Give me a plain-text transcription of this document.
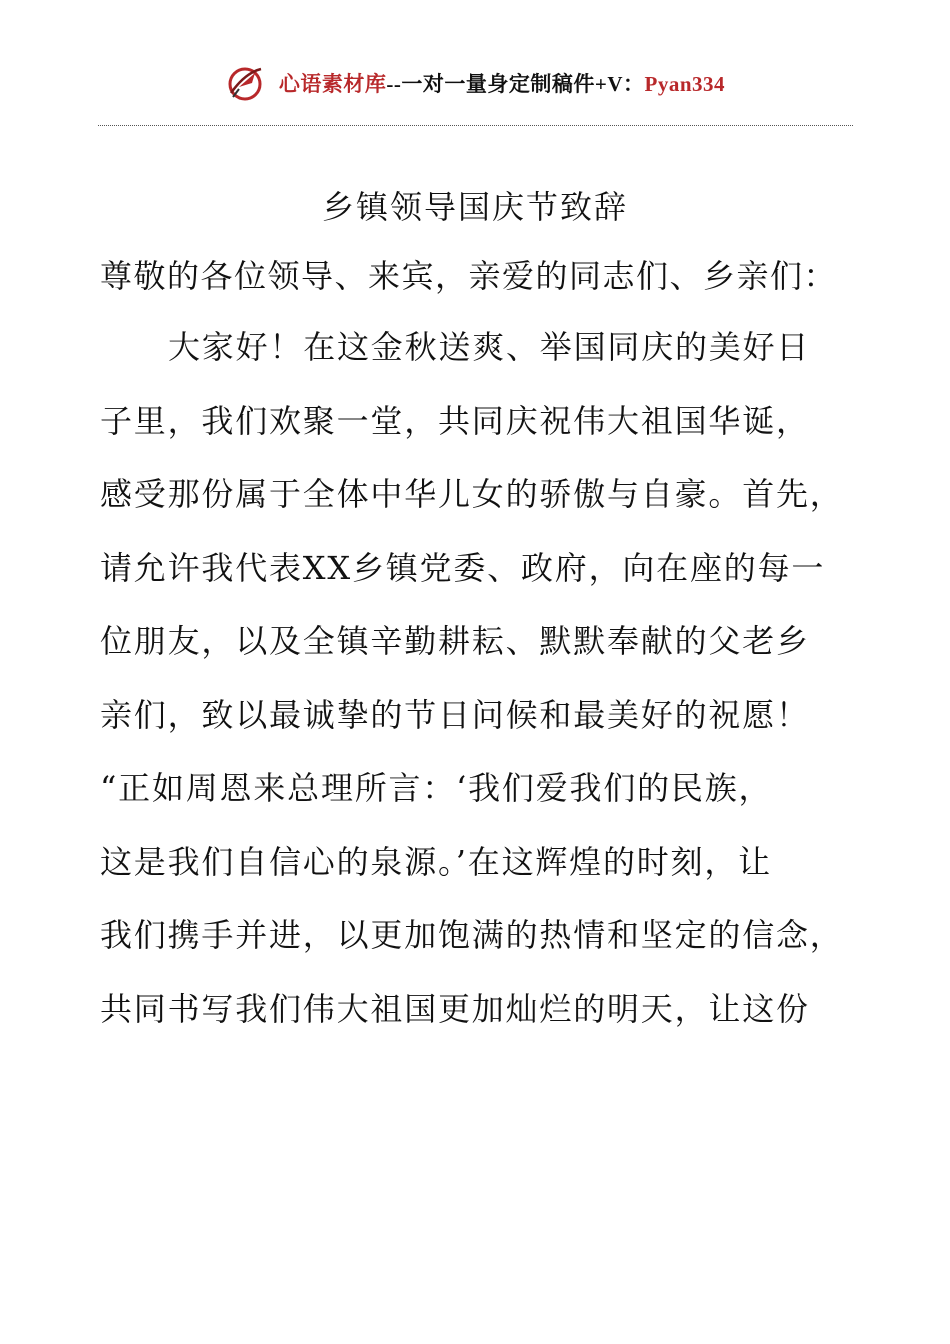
心语素材库--一对一量身定制稿件+V：Pyan334
乡镇领导国庆节致辞
尊敬的各位领导、来宾，亲爱的同志们、乡亲们：
大家好！在这金秋送爽、举国同庆的美好日
子里，我们欢聚一堂，共同庆祝伟大祖国华诞，
感受那份属于全体中华儿女的骄傲与自豪。首先，
请允许我代表XX乡镇党委、政府，向在座的每一
位朋友，以及全镇辛勤耕耘、默默奉献的父老乡
亲们，致以最诚挚的节日问候和最美好的祝愿！
“正如周恩来总理所言：‘我们爱我们的民族，
这是我们自信心的泉源。’在这辉煌的时刻，让
我们携手并进，以更加饱满的热情和坚定的信念，
共同书写我们伟大祖国更加灿烂的明天，让这份
